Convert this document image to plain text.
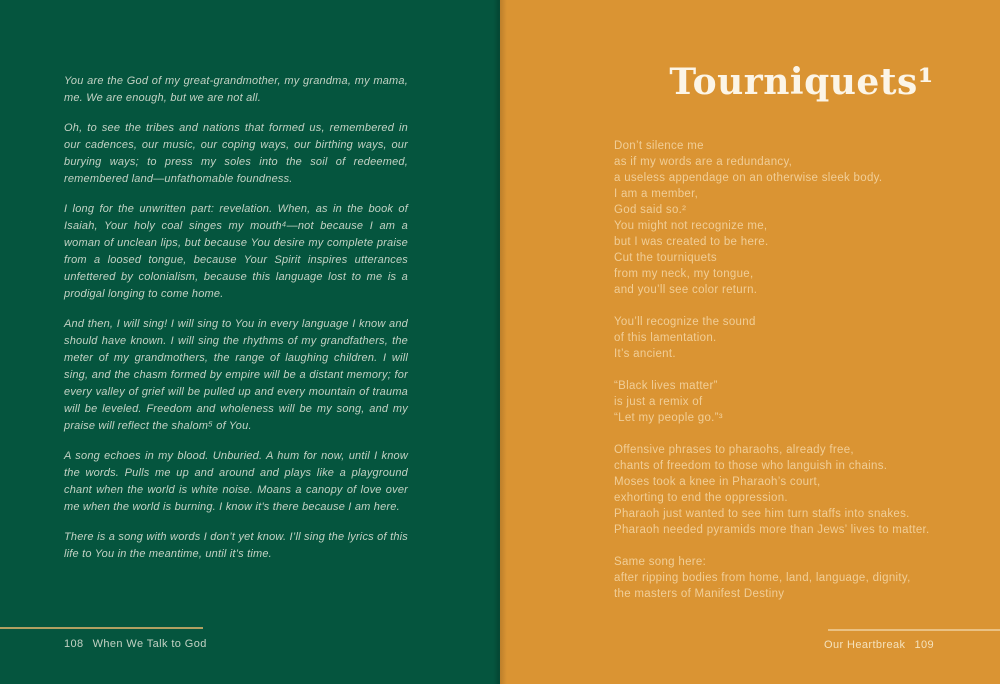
You are the God of my great-grandmother, my grandma, my mama, me. We are enough, but we are not all.

Oh, to see the tribes and nations that formed us, remembered in our cadences, our music, our coping ways, our birthing ways, our burying ways; to press my soles into the soil of redeemed, remembered land—unfathomable foundness.

I long for the unwritten part: revelation. When, as in the book of Isaiah, Your holy coal singes my mouth⁴—not because I am a woman of unclean lips, but because You desire my complete praise from a loosed tongue, because Your Spirit inspires utterances unfettered by colonialism, because this language lost to me is a prodigal longing to come home.

And then, I will sing! I will sing to You in every language I know and should have known. I will sing the rhythms of my grandfathers, the meter of my grandmothers, the range of laughing children. I will sing, and the chasm formed by empire will be a distant memory; for every valley of grief will be pulled up and every mountain of trauma will be leveled. Freedom and wholeness will be my song, and my praise will reflect the shalom⁵ of You.

A song echoes in my blood. Unburied. A hum for now, until I know the words. Pulls me up and around and plays like a playground chant when the world is white noise. Moans a canopy of love over me when the world is burning. I know it’s there because I am here.

There is a song with words I don’t yet know. I’ll sing the lyrics of this life to You in the meantime, until it’s time.

108 When We Talk to God
Tourniquets¹
Don’t silence me
as if my words are a redundancy,
a useless appendage on an otherwise sleek body.
I am a member,
God said so.²
You might not recognize me,
but I was created to be here.
Cut the tourniquets
from my neck, my tongue,
and you’ll see color return.
You’ll recognize the sound
of this lamentation.
It’s ancient.
“Black lives matter”
is just a remix of
“Let my people go.”³
Offensive phrases to pharaohs, already free,
chants of freedom to those who languish in chains.
Moses took a knee in Pharaoh’s court,
exhorting to end the oppression.
Pharaoh just wanted to see him turn staffs into snakes.
Pharaoh needed pyramids more than Jews’ lives to matter.
Same song here:
after ripping bodies from home, land, language, dignity,
the masters of Manifest Destiny
Our Heartbreak 109
